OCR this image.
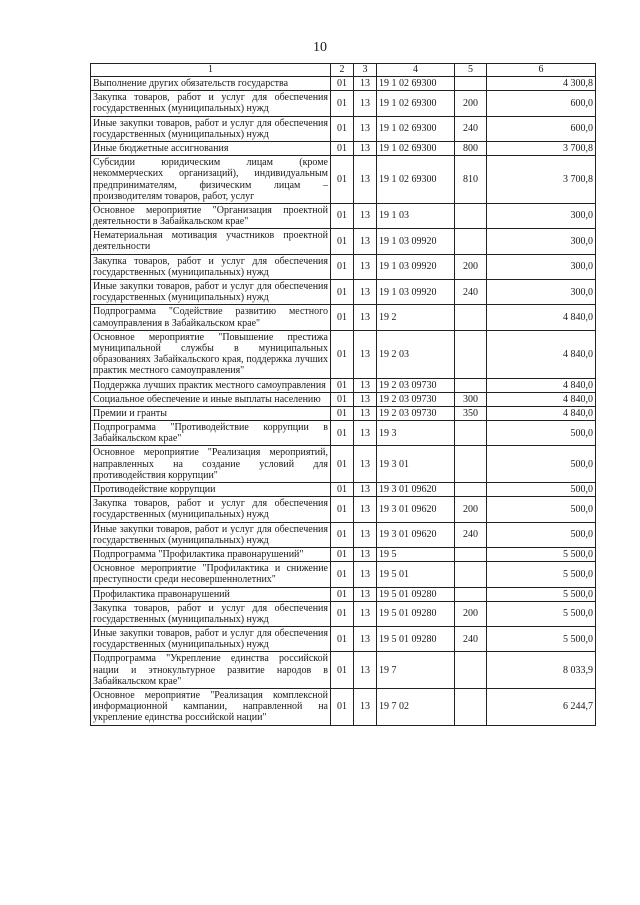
10
1	2	3	4	5	6
Выполнение других обязательств государства	01	13	19 1 02 69300		4 300,8
Закупка товаров, работ и услуг для обеспечения государственных (муниципальных) нужд	01	13	19 1 02 69300	200	600,0
Иные закупки товаров, работ и услуг для обеспечения государственных (муниципальных) нужд	01	13	19 1 02 69300	240	600,0
Иные бюджетные ассигнования	01	13	19 1 02 69300	800	3 700,8
Субсидии юридическим лицам (кроме некоммерческих организаций), индивидуальным предпринимателям, физическим лицам – производителям товаров, работ, услуг	01	13	19 1 02 69300	810	3 700,8
Основное мероприятие "Организация проектной деятельности в Забайкальском крае"	01	13	19 1 03		300,0
Нематериальная мотивация участников проектной деятельности	01	13	19 1 03 09920		300,0
Закупка товаров, работ и услуг для обеспечения государственных (муниципальных) нужд	01	13	19 1 03 09920	200	300,0
Иные закупки товаров, работ и услуг для обеспечения государственных (муниципальных) нужд	01	13	19 1 03 09920	240	300,0
Подпрограмма "Содействие развитию местного самоуправления в Забайкальском крае"	01	13	19 2		4 840,0
Основное мероприятие "Повышение престижа муниципальной службы в муниципальных образованиях Забайкальского края, поддержка лучших практик местного самоуправления"	01	13	19 2 03		4 840,0
Поддержка лучших практик местного самоуправления	01	13	19 2 03 09730		4 840,0
Социальное обеспечение и иные выплаты населению	01	13	19 2 03 09730	300	4 840,0
Премии и гранты	01	13	19 2 03 09730	350	4 840,0
Подпрограмма "Противодействие коррупции в Забайкальском крае"	01	13	19 3		500,0
Основное мероприятие "Реализация мероприятий, направленных на создание условий для противодействия коррупции"	01	13	19 3 01		500,0
Противодействие коррупции	01	13	19 3 01 09620		500,0
Закупка товаров, работ и услуг для обеспечения государственных (муниципальных) нужд	01	13	19 3 01 09620	200	500,0
Иные закупки товаров, работ и услуг для обеспечения государственных (муниципальных) нужд	01	13	19 3 01 09620	240	500,0
Подпрограмма "Профилактика правонарушений"	01	13	19 5		5 500,0
Основное мероприятие "Профилактика и снижение преступности среди несовершеннолетних"	01	13	19 5 01		5 500,0
Профилактика правонарушений	01	13	19 5 01 09280		5 500,0
Закупка товаров, работ и услуг для обеспечения государственных (муниципальных) нужд	01	13	19 5 01 09280	200	5 500,0
Иные закупки товаров, работ и услуг для обеспечения государственных (муниципальных) нужд	01	13	19 5 01 09280	240	5 500,0
Подпрограмма "Укрепление единства российской нации и этнокультурное развитие народов в Забайкальском крае"	01	13	19 7		8 033,9
Основное мероприятие "Реализация комплексной информационной кампании, направленной на укрепление единства российской нации"	01	13	19 7 02		6 244,7
